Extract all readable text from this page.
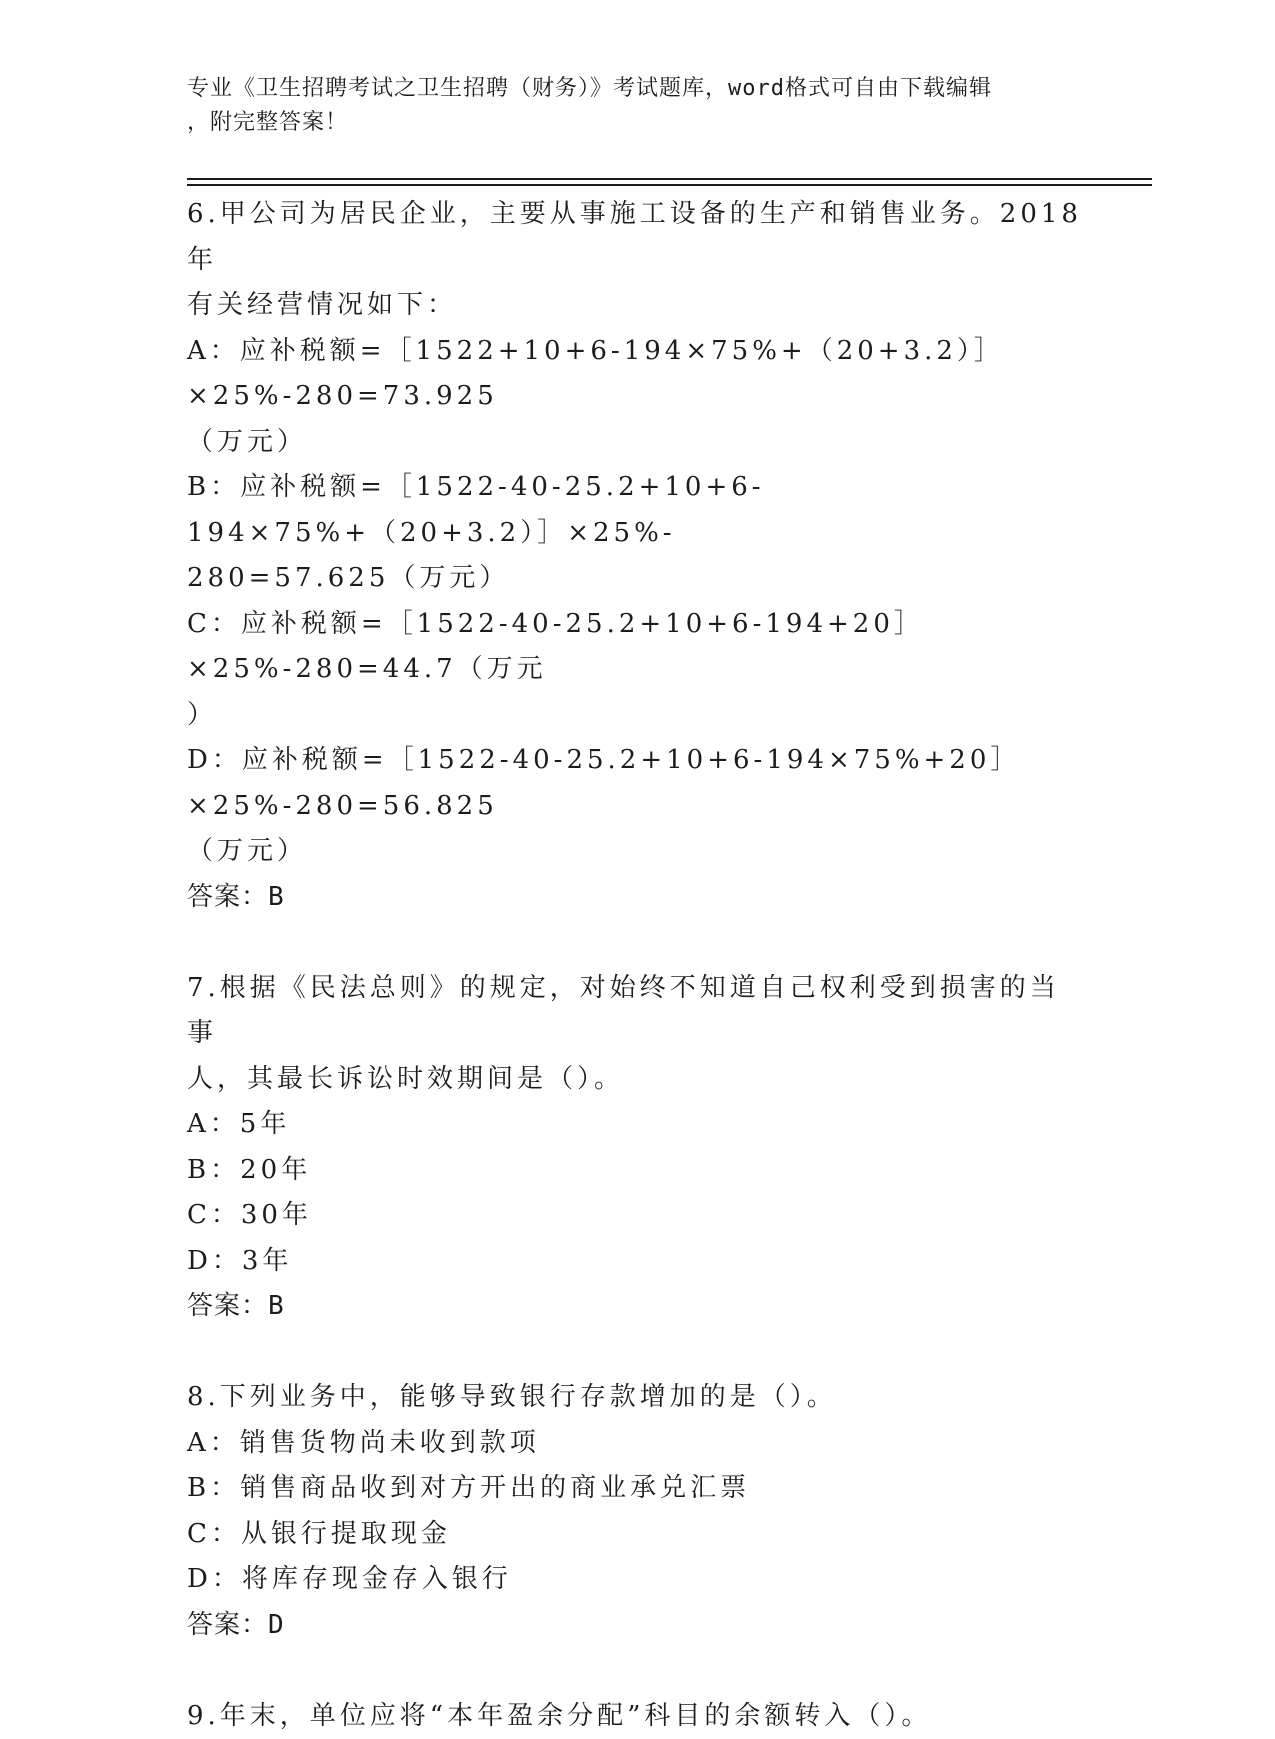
专业《卫生招聘考试之卫生招聘（财务）》考试题库，word格式可自由下载编辑
，附完整答案！
6.甲公司为居民企业，主要从事施工设备的生产和销售业务。2018年
有关经营情况如下：
A：应补税额=［1522+10+6-194×75%+（20+3.2）］×25%-280=73.925
（万元）
B：应补税额=［1522-40-25.2+10+6-194×75%+（20+3.2）］×25%-
280=57.625（万元）
C：应补税额=［1522-40-25.2+10+6-194+20］×25%-280=44.7（万元
）
D：应补税额=［1522-40-25.2+10+6-194×75%+20］×25%-280=56.825
（万元）
答案：B
7.根据《民法总则》的规定，对始终不知道自己权利受到损害的当事
人，其最长诉讼时效期间是（）。
A：5年
B：20年
C：30年
D：3年
答案：B
8.下列业务中，能够导致银行存款增加的是（）。
A：销售货物尚未收到款项
B：销售商品收到对方开出的商业承兑汇票
C：从银行提取现金
D：将库存现金存入银行
答案：D
9.年末，单位应将“本年盈余分配”科目的余额转入（）。
